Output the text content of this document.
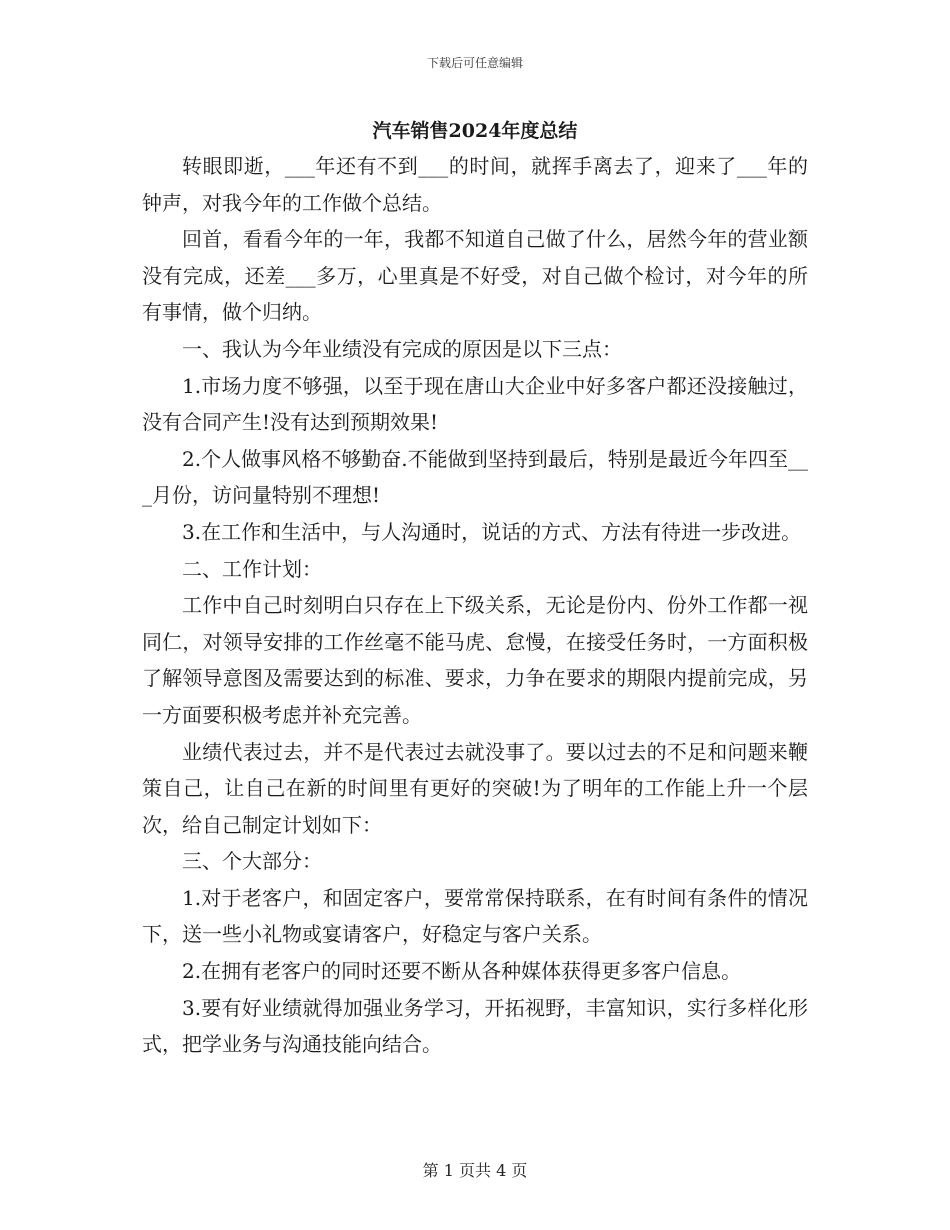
下载后可任意编辑
汽车销售2024年度总结

转眼即逝，___年还有不到___的时间，就挥手离去了，迎来了___年的钟声，对我今年的工作做个总结。

回首，看看今年的一年，我都不知道自己做了什么，居然今年的营业额没有完成，还差___多万，心里真是不好受，对自己做个检讨，对今年的所有事情，做个归纳。

一、我认为今年业绩没有完成的原因是以下三点：

1.市场力度不够强，以至于现在唐山大企业中好多客户都还没接触过，没有合同产生!没有达到预期效果!

2.个人做事风格不够勤奋.不能做到坚持到最后，特别是最近今年四至___月份，访问量特别不理想!

3.在工作和生活中，与人沟通时，说话的方式、方法有待进一步改进。

二、工作计划：

工作中自己时刻明白只存在上下级关系，无论是份内、份外工作都一视同仁，对领导安排的工作丝毫不能马虎、怠慢，在接受任务时，一方面积极了解领导意图及需要达到的标准、要求，力争在要求的期限内提前完成，另一方面要积极考虑并补充完善。

业绩代表过去，并不是代表过去就没事了。要以过去的不足和问题来鞭策自己，让自己在新的时间里有更好的突破!为了明年的工作能上升一个层次，给自己制定计划如下：

三、个大部分：

1.对于老客户，和固定客户，要常常保持联系，在有时间有条件的情况下，送一些小礼物或宴请客户，好稳定与客户关系。

2.在拥有老客户的同时还要不断从各种媒体获得更多客户信息。

3.要有好业绩就得加强业务学习，开拓视野，丰富知识，实行多样化形式，把学业务与沟通技能向结合。

第 1 页共 4 页
